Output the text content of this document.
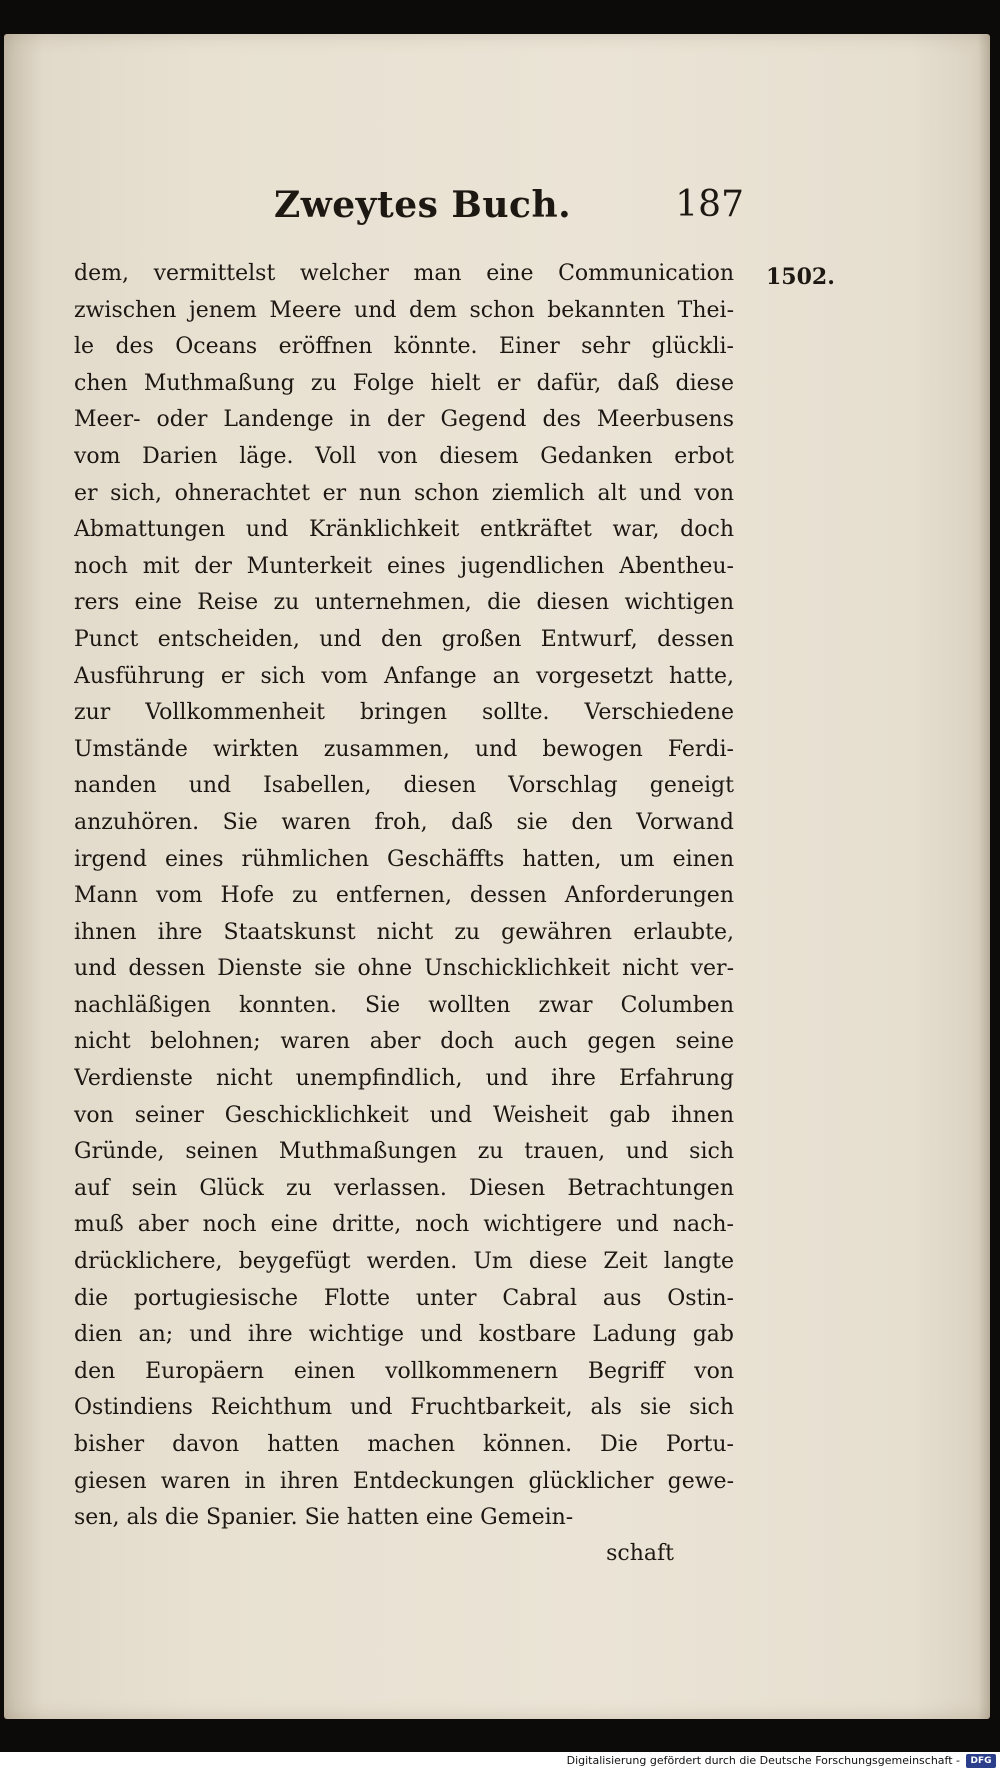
Zweytes Buch.	187
1502.
dem, vermittelst welcher man eine Communication
zwischen jenem Meere und dem schon bekannten Thei-
le des Oceans eröffnen könnte. Einer sehr glückli-
chen Muthmaßung zu Folge hielt er dafür, daß diese
Meer- oder Landenge in der Gegend des Meerbusens
vom Darien läge. Voll von diesem Gedanken erbot
er sich, ohnerachtet er nun schon ziemlich alt und von
Abmattungen und Kränklichkeit entkräftet war, doch
noch mit der Munterkeit eines jugendlichen Abentheu-
rers eine Reise zu unternehmen, die diesen wichtigen
Punct entscheiden, und den großen Entwurf, dessen
Ausführung er sich vom Anfange an vorgesetzt hatte,
zur Vollkommenheit bringen sollte. Verschiedene
Umstände wirkten zusammen, und bewogen Ferdi-
nanden und Isabellen, diesen Vorschlag geneigt
anzuhören. Sie waren froh, daß sie den Vorwand
irgend eines rühmlichen Geschäffts hatten, um einen
Mann vom Hofe zu entfernen, dessen Anforderungen
ihnen ihre Staatskunst nicht zu gewähren erlaubte,
und dessen Dienste sie ohne Unschicklichkeit nicht ver-
nachläßigen konnten. Sie wollten zwar Columben
nicht belohnen; waren aber doch auch gegen seine
Verdienste nicht unempfindlich, und ihre Erfahrung
von seiner Geschicklichkeit und Weisheit gab ihnen
Gründe, seinen Muthmaßungen zu trauen, und sich
auf sein Glück zu verlassen. Diesen Betrachtungen
muß aber noch eine dritte, noch wichtigere und nach-
drücklichere, beygefügt werden. Um diese Zeit langte
die portugiesische Flotte unter Cabral aus Ostin-
dien an; und ihre wichtige und kostbare Ladung gab
den Europäern einen vollkommenern Begriff von
Ostindiens Reichthum und Fruchtbarkeit, als sie sich
bisher davon hatten machen können. Die Portu-
giesen waren in ihren Entdeckungen glücklicher gewe-
sen, als die Spanier. Sie hatten eine Gemein-
schaft
Digitalisierung gefördert durch die Deutsche Forschungsgemeinschaft -	DFG
